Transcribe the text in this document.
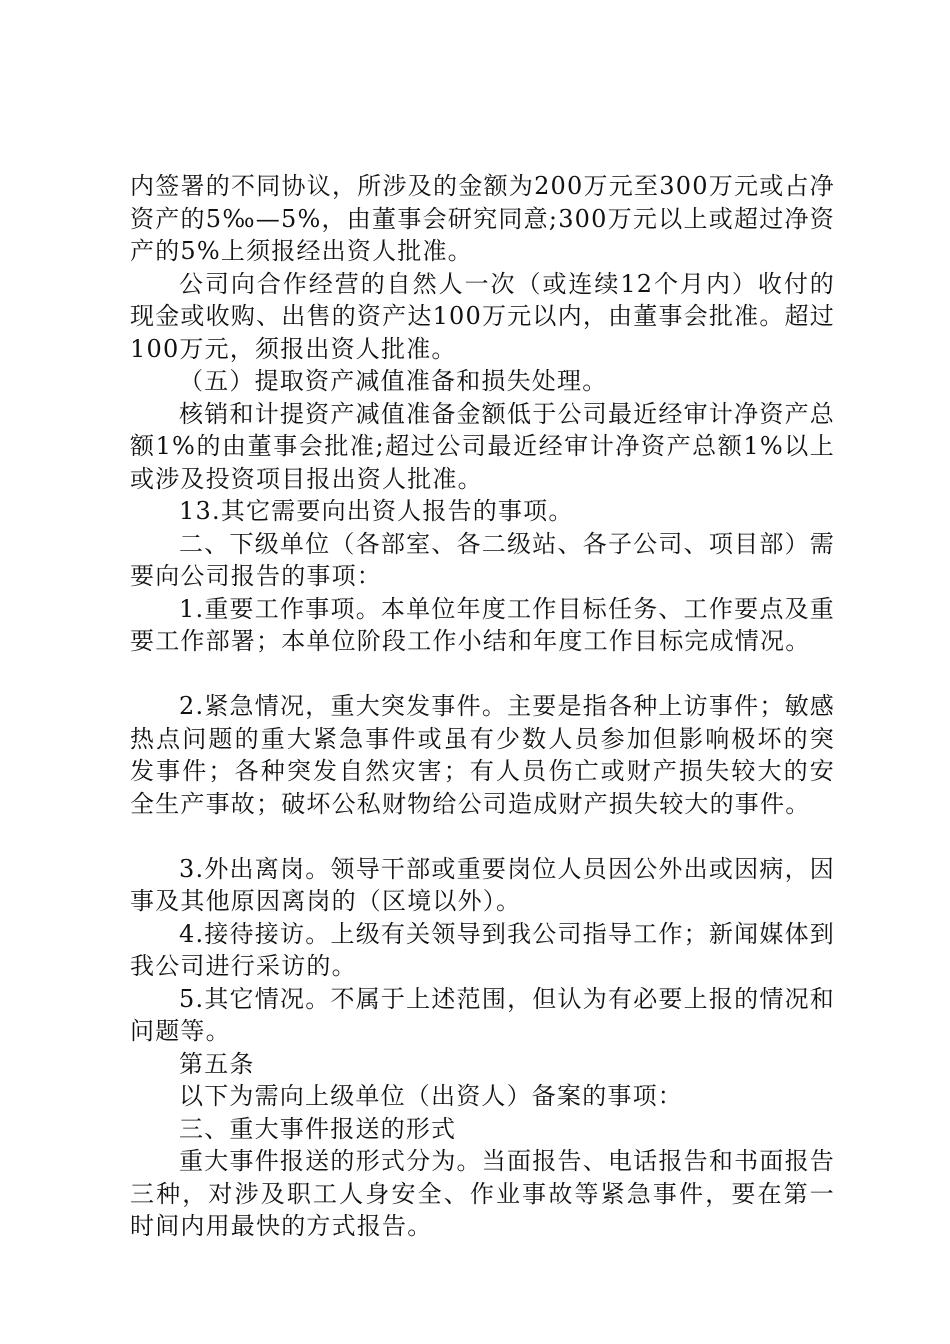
内签署的不同协议，所涉及的金额为200万元至300万元或占净资产的5‰—5%，由董事会研究同意;300万元以上或超过净资产的5%上须报经出资人批准。

公司向合作经营的自然人一次（或连续12个月内）收付的现金或收购、出售的资产达100万元以内，由董事会批准。超过100万元，须报出资人批准。

（五）提取资产减值准备和损失处理。

核销和计提资产减值准备金额低于公司最近经审计净资产总额1%的由董事会批准;超过公司最近经审计净资产总额1%以上或涉及投资项目报出资人批准。

13.其它需要向出资人报告的事项。

二、下级单位（各部室、各二级站、各子公司、项目部）需要向公司报告的事项：

1.重要工作事项。本单位年度工作目标任务、工作要点及重要工作部署；本单位阶段工作小结和年度工作目标完成情况。

2.紧急情况，重大突发事件。主要是指各种上访事件；敏感热点问题的重大紧急事件或虽有少数人员参加但影响极坏的突发事件；各种突发自然灾害；有人员伤亡或财产损失较大的安全生产事故；破坏公私财物给公司造成财产损失较大的事件。

3.外出离岗。领导干部或重要岗位人员因公外出或因病，因事及其他原因离岗的（区境以外）。

4.接待接访。上级有关领导到我公司指导工作；新闻媒体到我公司进行采访的。

5.其它情况。不属于上述范围，但认为有必要上报的情况和问题等。

第五条

以下为需向上级单位（出资人）备案的事项：

三、重大事件报送的形式

重大事件报送的形式分为。当面报告、电话报告和书面报告三种，对涉及职工人身安全、作业事故等紧急事件，要在第一时间内用最快的方式报告。
